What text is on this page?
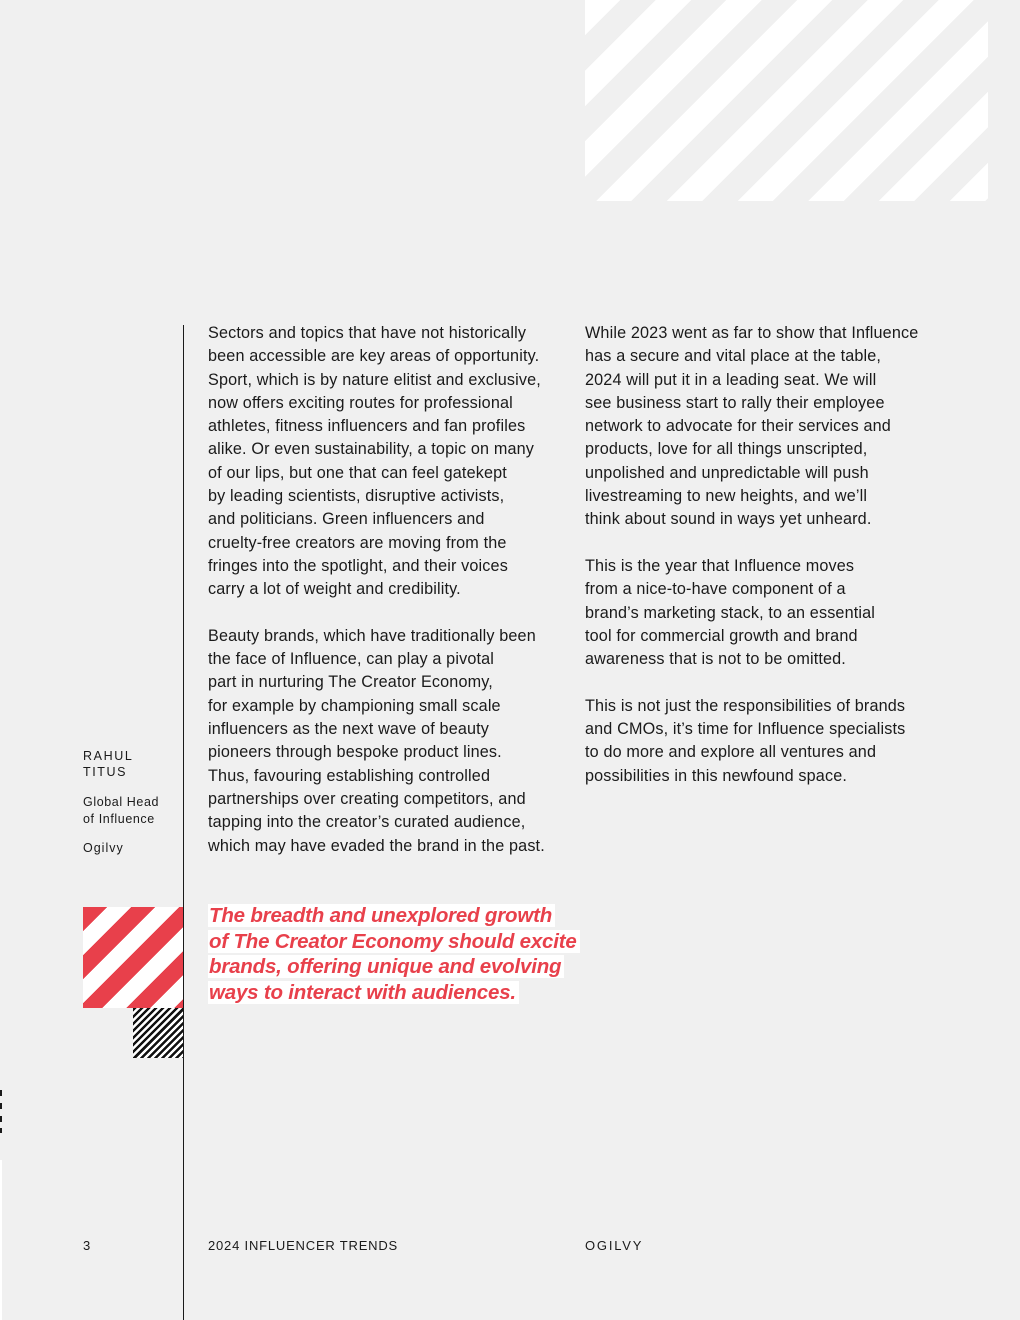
RAHUL
TITUS
Global Head
of Influence
Ogilvy

Sectors and topics that have not historically
been accessible are key areas of opportunity.
Sport, which is by nature elitist and exclusive,
now offers exciting routes for professional
athletes, fitness influencers and fan profiles
alike. Or even sustainability, a topic on many
of our lips, but one that can feel gatekept
by leading scientists, disruptive activists,
and politicians. Green influencers and
cruelty-free creators are moving from the
fringes into the spotlight, and their voices
carry a lot of weight and credibility.

Beauty brands, which have traditionally been
the face of Influence, can play a pivotal
part in nurturing The Creator Economy,
for example by championing small scale
influencers as the next wave of beauty
pioneers through bespoke product lines.
Thus, favouring establishing controlled
partnerships over creating competitors, and
tapping into the creator’s curated audience,
which may have evaded the brand in the past.

While 2023 went as far to show that Influence
has a secure and vital place at the table,
2024 will put it in a leading seat. We will
see business start to rally their employee
network to advocate for their services and
products, love for all things unscripted,
unpolished and unpredictable will push
livestreaming to new heights, and we’ll
think about sound in ways yet unheard.

This is the year that Influence moves
from a nice-to-have component of a
brand’s marketing stack, to an essential
tool for commercial growth and brand
awareness that is not to be omitted.

This is not just the responsibilities of brands
and CMOs, it’s time for Influence specialists
to do more and explore all ventures and
possibilities in this newfound space.

The breadth and unexplored growth
of The Creator Economy should excite
brands, offering unique and evolving
ways to interact with audiences.
3	2024 INFLUENCER TRENDS	OGILVY
